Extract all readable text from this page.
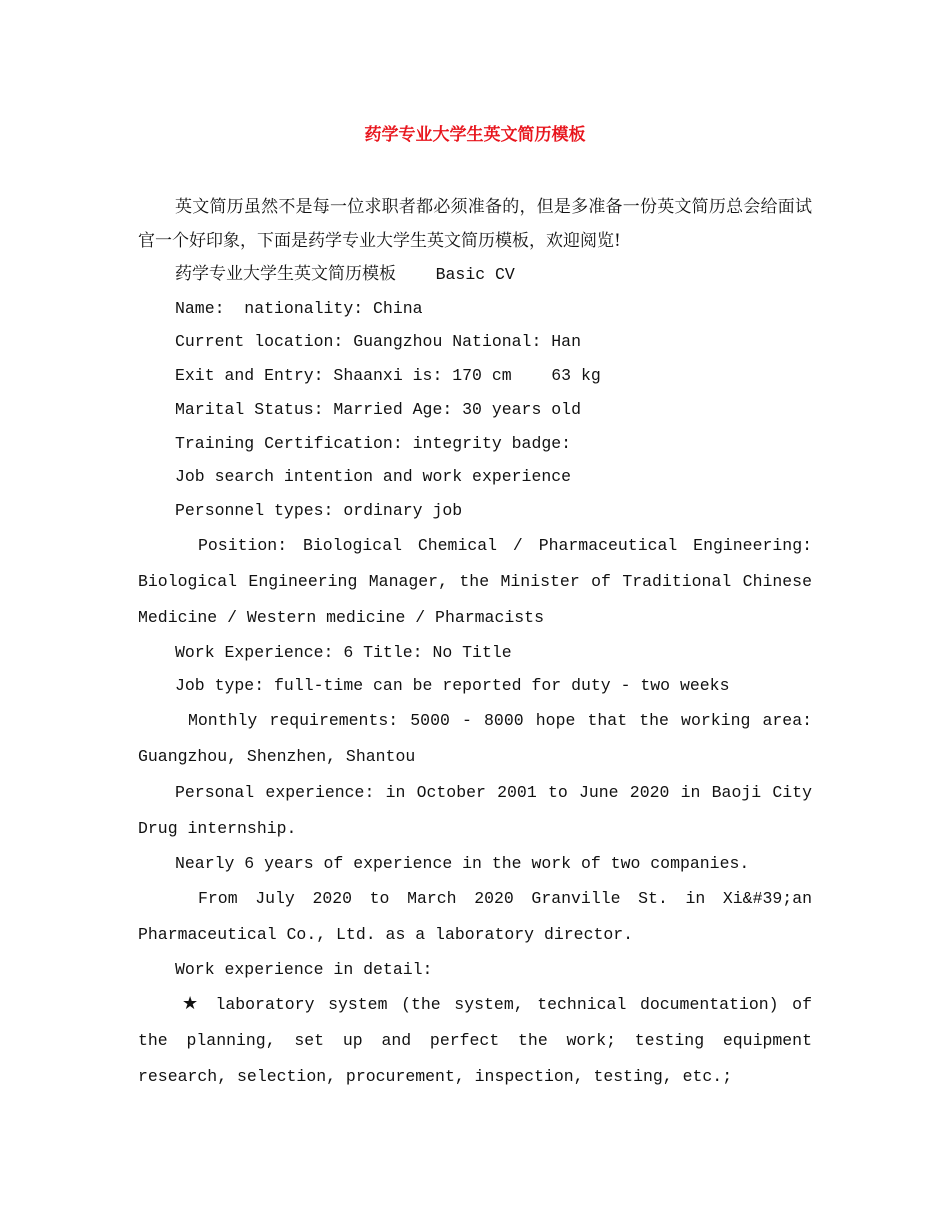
药学专业大学生英文简历模板

英文简历虽然不是每一位求职者都必须准备的，但是多准备一份英文简历总会给面试官一个好印象，下面是药学专业大学生英文简历模板，欢迎阅览!

药学专业大学生英文简历模板 Basic CV

Name:  nationality: China

Current location: Guangzhou National: Han

Exit and Entry: Shaanxi is: 170 cm    63 kg

Marital Status: Married Age: 30 years old

Training Certification: integrity badge:

Job search intention and work experience

Personnel types: ordinary job

Position: Biological Chemical / Pharmaceutical Engineering: Biological Engineering Manager, the Minister of Traditional Chinese Medicine / Western medicine / Pharmacists

Work Experience: 6 Title: No Title

Job type: full-time can be reported for duty - two weeks

Monthly requirements: 5000 - 8000 hope that the working area: Guangzhou, Shenzhen, Shantou

Personal experience: in October 2001 to June 2020 in Baoji City Drug internship.

Nearly 6 years of experience in the work of two companies.

From July 2020 to March 2020 Granville St. in Xi&#39;an Pharmaceutical Co., Ltd. as a laboratory director.

Work experience in detail:

★ laboratory system (the system, technical documentation) of the planning, set up and perfect the work; testing equipment research, selection, procurement, inspection, testing, etc.;
